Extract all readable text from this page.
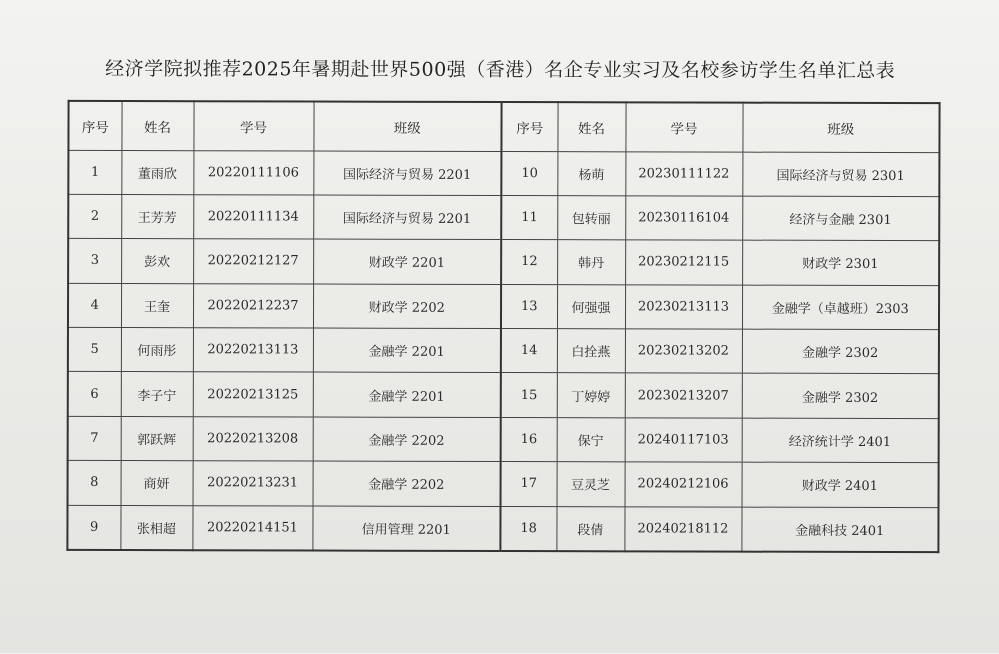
经济学院拟推荐2025年暑期赴世界500强（香港）名企专业实习及名校参访学生名单汇总表
序号	姓名	学号	班级	序号	姓名	学号	班级
1	董雨欣	20220111106	国际经济与贸易 2201	10	杨萌	20230111122	国际经济与贸易 2301
2	王芳芳	20220111134	国际经济与贸易 2201	11	包转丽	20230116104	经济与金融 2301
3	彭欢	20220212127	财政学 2201	12	韩丹	20230212115	财政学 2301
4	王奎	20220212237	财政学 2202	13	何强强	20230213113	金融学（卓越班）2303
5	何雨彤	20220213113	金融学 2201	14	白拴燕	20230213202	金融学 2302
6	李子宁	20220213125	金融学 2201	15	丁婷婷	20230213207	金融学 2302
7	郭跃辉	20220213208	金融学 2202	16	保宁	20240117103	经济统计学 2401
8	商妍	20220213231	金融学 2202	17	豆灵芝	20240212106	财政学 2401
9	张相超	20220214151	信用管理 2201	18	段倩	20240218112	金融科技 2401
